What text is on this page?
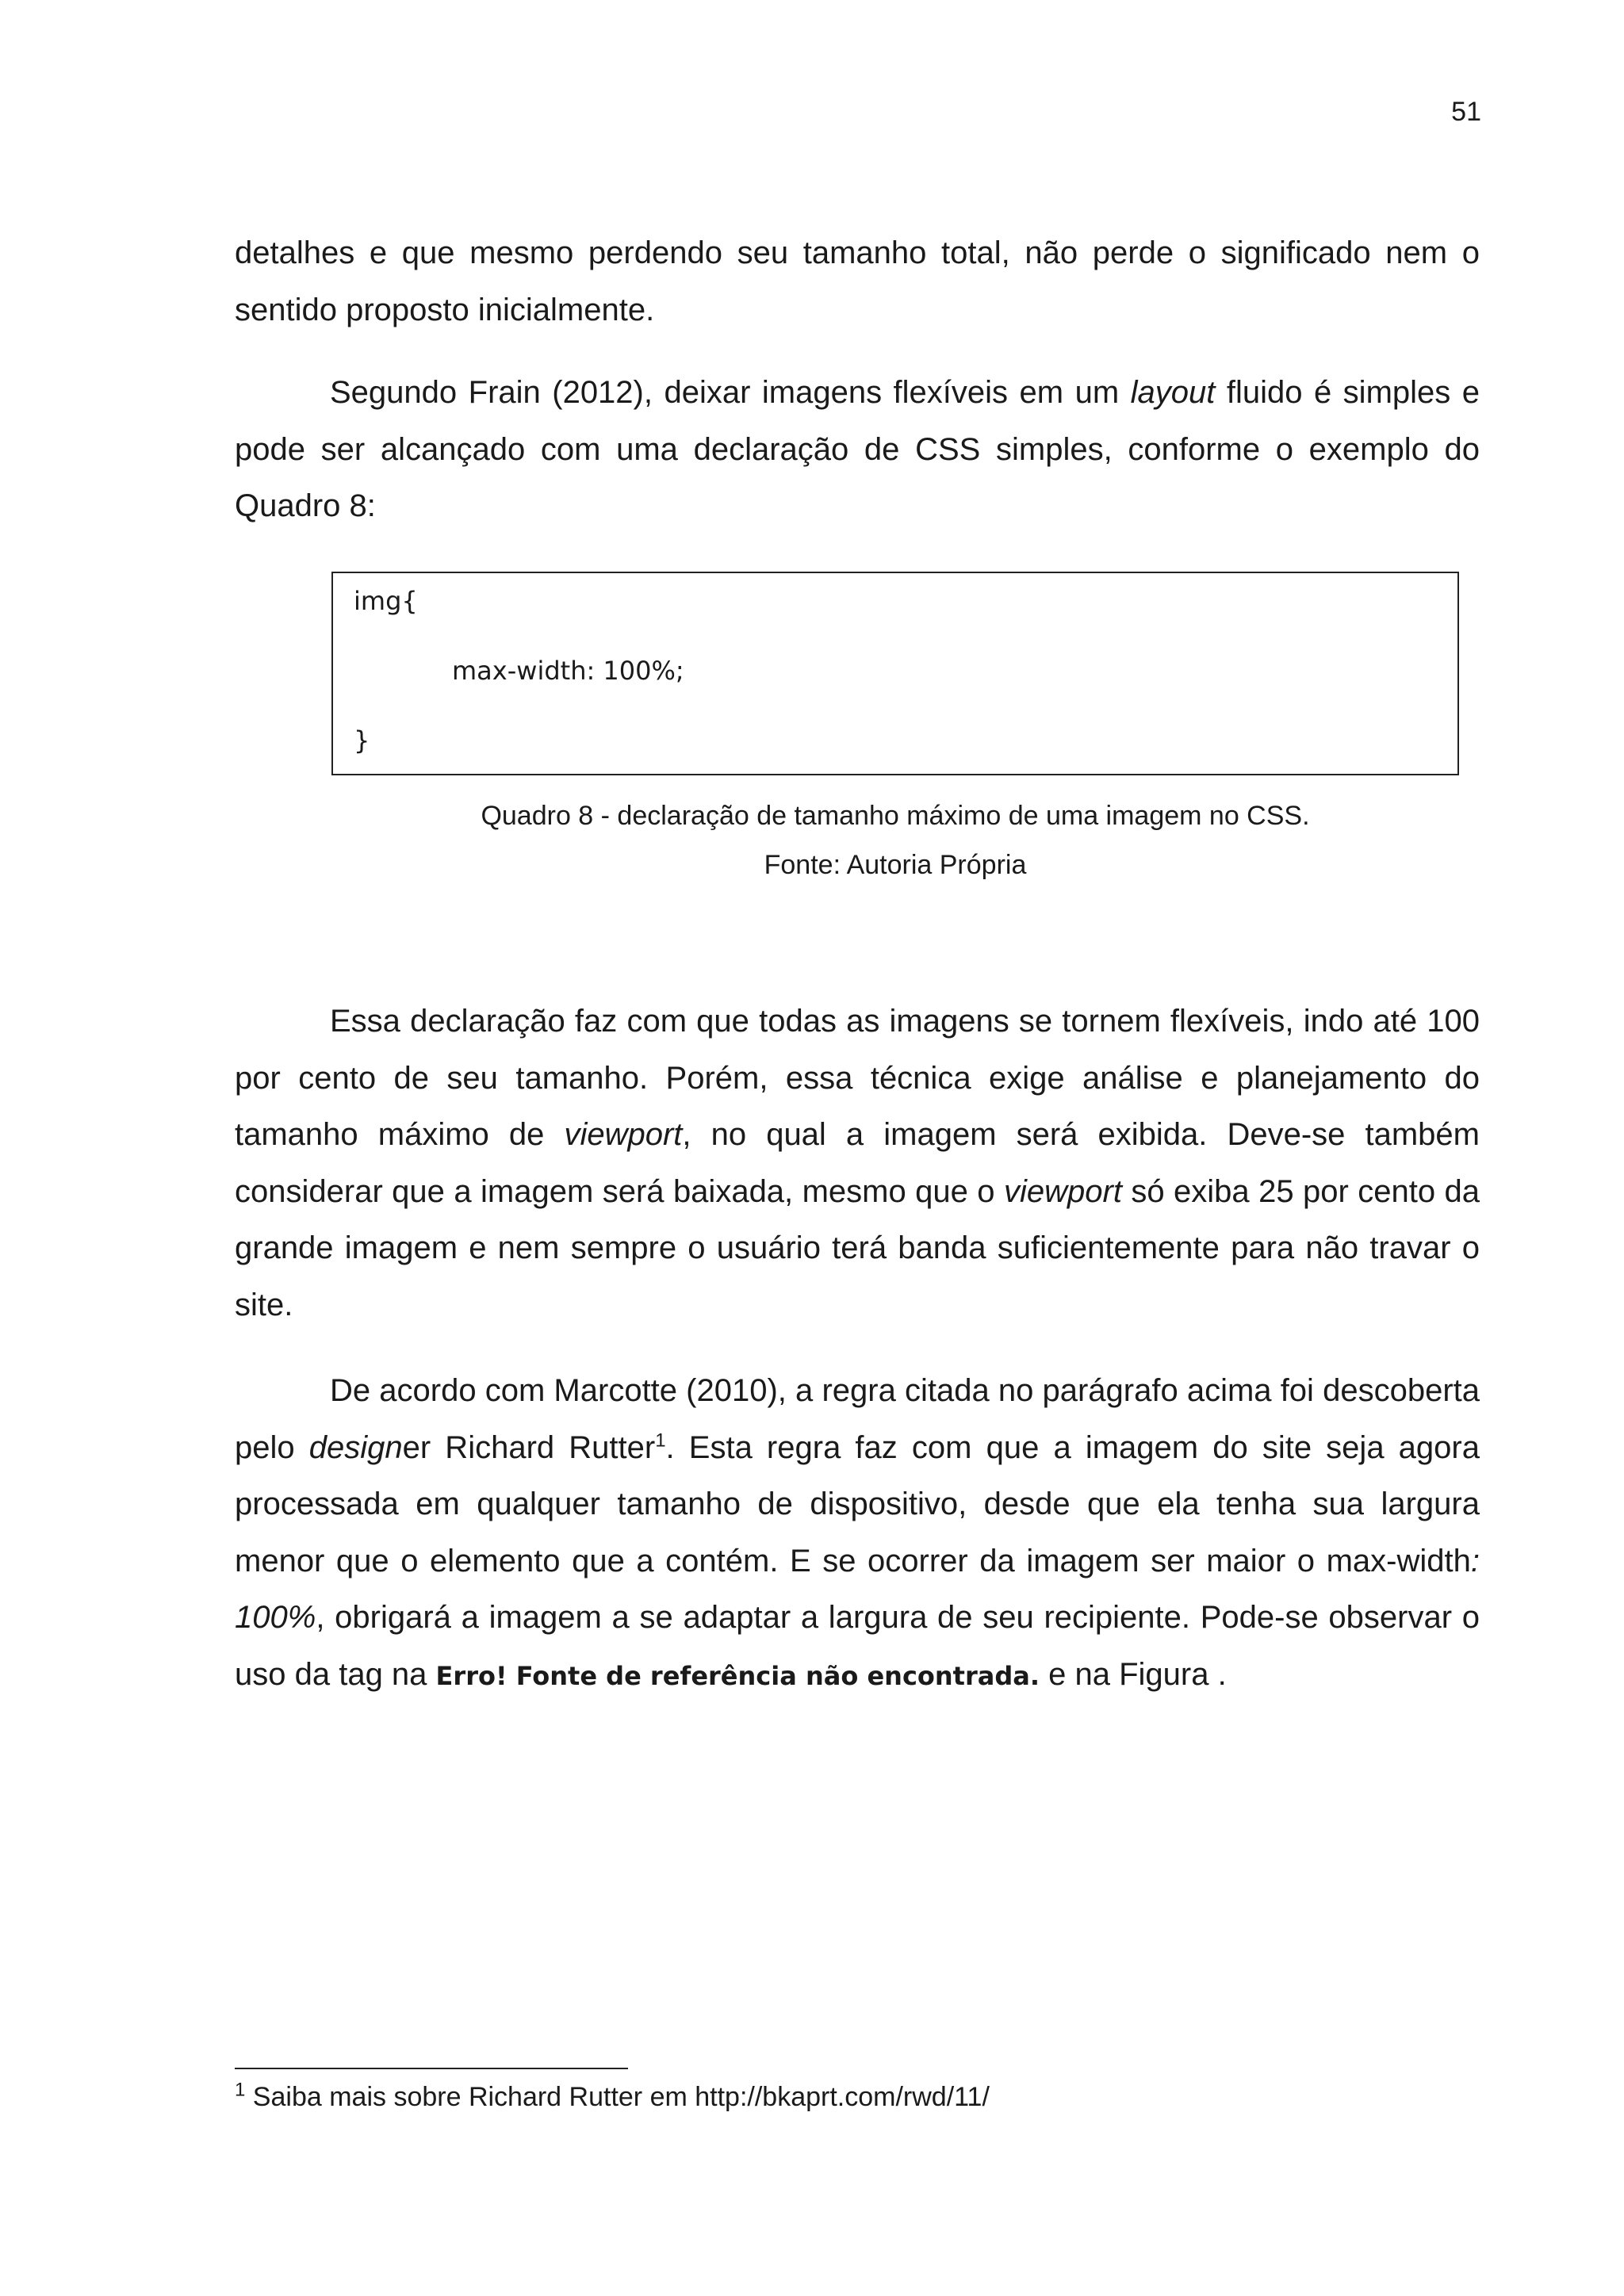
51

detalhes e que mesmo perdendo seu tamanho total, não perde o significado nem o sentido proposto inicialmente.

Segundo Frain (2012), deixar imagens flexíveis em um layout fluido é simples e pode ser alcançado com uma declaração de CSS simples, conforme o exemplo do Quadro 8:

img{
max-width: 100%;
}
Quadro 8 - declaração de tamanho máximo de uma imagem no CSS.
Fonte: Autoria Própria

Essa declaração faz com que todas as imagens se tornem flexíveis, indo até 100 por cento de seu tamanho. Porém, essa técnica exige análise e planejamento do tamanho máximo de viewport, no qual a imagem será exibida. Deve-se também considerar que a imagem será baixada, mesmo que o viewport só exiba 25 por cento da grande imagem e nem sempre o usuário terá banda suficientemente para não travar o site.

De acordo com Marcotte (2010), a regra citada no parágrafo acima foi descoberta pelo designer Richard Rutter$^1$. Esta regra faz com que a imagem do site seja agora processada em qualquer tamanho de dispositivo, desde que ela tenha sua largura menor que o elemento que a contém. E se ocorrer da imagem ser maior o max-width: 100%, obrigará a imagem a se adaptar a largura de seu recipiente. Pode-se observar o uso da tag na Erro! Fonte de referência não encontrada. e na Figura .

$^1$ Saiba mais sobre Richard Rutter em http://bkaprt.com/rwd/11/
